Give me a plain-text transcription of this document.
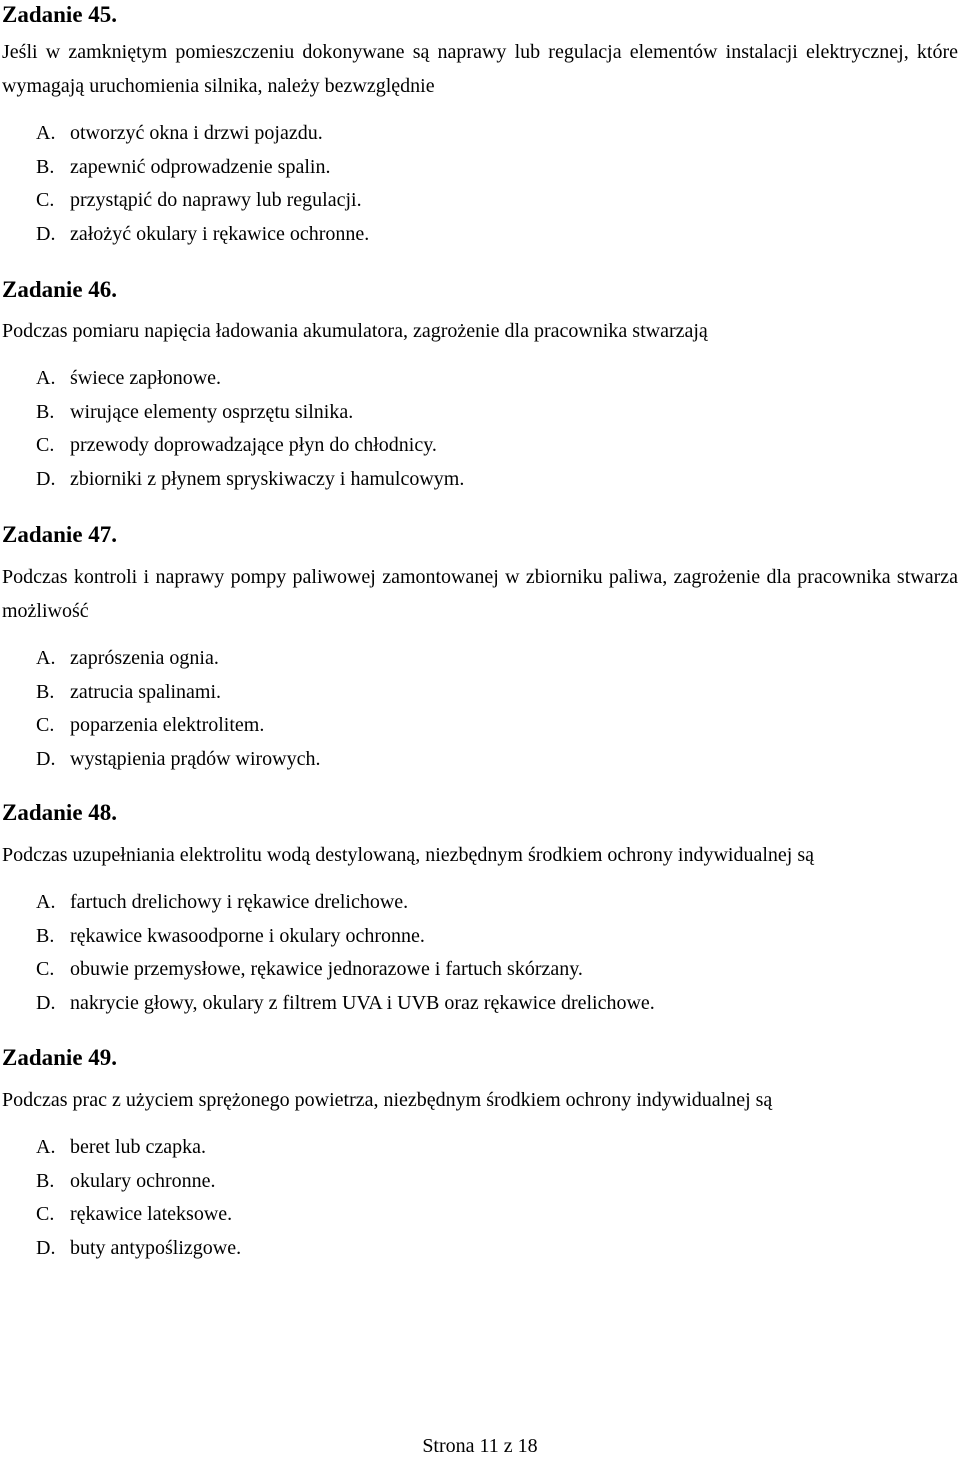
Zadanie 45.

Jeśli w zamkniętym pomieszczeniu dokonywane są naprawy lub regulacja elementów instalacji elektrycznej, które wymagają uruchomienia silnika, należy bezwzględnie

A. otworzyć okna i drzwi pojazdu.
B. zapewnić odprowadzenie spalin.
C. przystąpić do naprawy lub regulacji.
D. założyć okulary i rękawice ochronne.
Zadanie 46.

Podczas pomiaru napięcia ładowania akumulatora, zagrożenie dla pracownika stwarzają

A. świece zapłonowe.
B. wirujące elementy osprzętu silnika.
C. przewody doprowadzające płyn do chłodnicy.
D. zbiorniki z płynem spryskiwaczy i hamulcowym.
Zadanie 47.

Podczas kontroli i naprawy pompy paliwowej zamontowanej w zbiorniku paliwa, zagrożenie dla pracownika stwarza możliwość

A. zaprószenia ognia.
B. zatrucia spalinami.
C. poparzenia elektrolitem.
D. wystąpienia prądów wirowych.
Zadanie 48.

Podczas uzupełniania elektrolitu wodą destylowaną, niezbędnym środkiem ochrony indywidualnej są

A. fartuch drelichowy i rękawice drelichowe.
B. rękawice kwasoodporne i okulary ochronne.
C. obuwie przemysłowe, rękawice jednorazowe i fartuch skórzany.
D. nakrycie głowy, okulary z filtrem UVA i UVB oraz rękawice drelichowe.
Zadanie 49.

Podczas prac z użyciem sprężonego powietrza, niezbędnym środkiem ochrony indywidualnej są

A. beret lub czapka.
B. okulary ochronne.
C. rękawice lateksowe.
D. buty antypoślizgowe.
Strona 11 z 18
